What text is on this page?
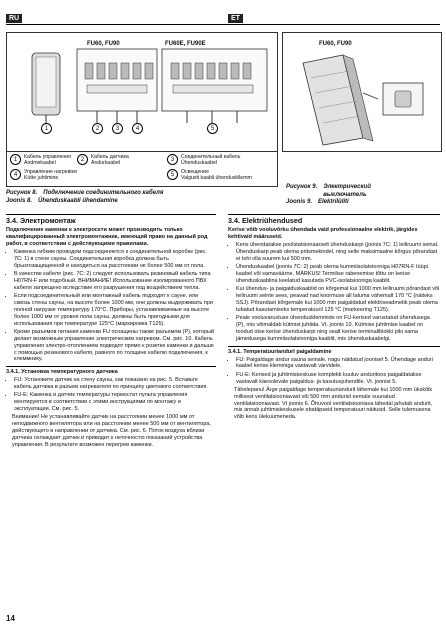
RU	ET
FU60, FU90	FU60E, FU90E
1	2	3	4	5
1	Кабель управления
Andmekaabel
2	Кабель датчика
Andurkaabel
3	Соединительный кабель
Ühenduskaabel
4	Управление нагревом
Kütte juhtimine
5	Освещение
Valgusti kaabli ühenduskllemm
FU60, FU90
Рисунок 8. Подключение соединительного кабеля
Joonis 8. Ühenduskaabli ühendamine
Рисунок 9. Электрический выключатель
Joonis 9. Elektrilüliti
3.4. Электромонтаж

Подключение каменки к электросети может производить только квалифицированный электромонтажник, имеющий право на данный род работ, в соответствии с действующими правилами.

• Каменка гибким проводом подсоединяется к соединительной коробке (рис. 7С: 1) в стене сауны. Соединительная коробка должна быть брызгозащищенной и находиться на расстоянии не более 500 мм от пола.
• В качестве кабеля (рис. 7С: 2) следует использовать резиновый кабель типа H07RN-F или подобный. ВНИМАНИЕ! Использование изолированного ПВХ кабеля запрещено вследствие его разрушения под воздействием тепла.
• Если подсоединительный или монтажный кабель подходят к сауне, или сквозь стены сауны, на высоте более 1000 мм, они должны выдерживать при полной нагрузке температуру 170°C. Приборы, устанавливаемые на высоте более 1000 мм от уровня пола сауны, должны быть пригодными для использования при температуре 125°C (маркировка T125).
• Кроме разъемов питания каменки FU оснащены также разъемом (P), который делает возможным управление электрическим нагревом. См. рис. 10. Кабель управления электро-отоплением подводят прямо к розетке каменки и дальше с помощью резинового кабеля, равного по толщине кабелю подключения, к клеммнику.
3.4.1. Установка температурного датчика
• FU: Установите датчик на стену сауны, как показано на рис. 5. Вставьте кабель датчика в разъем нагревателя по принципу цветового соответствия.
• FU-E: Каменка и датчик температуры термостат пульта управления монтируются в соответствии с этими инструкциями по монтажу и эксплуатации. См. рис. 5.

Внимание! Не устанавливайте датчик на расстоянии менее 1000 мм от неподвижного вентилятора или на расстоянии менее 500 мм от вентилятора, действующего в направлении от датчика. См. рис. 6. Поток воздуха вблизи датчика охлаждает датчик и приводит к неточностю показаний устройства управления. В результате возможен перегрев каменки.

3.4. Elektriühendused

Kerise võib vooluvõrku ühendada vaid professionaalne elektrik, järgides kehtivaid määruseid.

• Keris ühendatakse poolstatsionaarselt ühenduskarpi (joonis 7C: 1) leiliruumi seinal. Ühenduskarp peab olema pritsmekindel, ning selle maksimaalne kõrgus põrandast ei tohi olla suurem kui 500 mm.
• Ühenduskaabel (joonis 7C: 2) peab olema kummiisolatsiooniga H07RN-F tüüpi kaabel või samaväärne. MÄRKUS! Termilise rabenemise tõttu on kerise ühenduskaablina keelatud kasutada PVC-isolatsiooniga kaablit.
• Kui ühendus- ja paigalduskaablid on kõrgemal kui 1000 mm leiliruumi põrandast või leiliruumi seinte sees, peavad nad koormuse all taluma vähemalt 170 °C (näiteks SSJ). Põrandast kõrgemale kui 1000 mm paigaldatud elektriseadmetik peab olema tubatud kasutamiseks temperatuuril 125 °C (markeering T125).
• Peale vooluvarustuse ühendusklemmide on FU-kerised varustatud ühendusega (P), mis võimaldab kütmist juhtida. Vt. joonis 10. Kütmise juhtimise kaabel on toodud otse kerise ühenduskarpi ning sealt kerise terminaliblokki piki sama jämedusega kummiisolatsiooniga kaablit, mis ühenduskaabelgi.
3.4.1. Temperatuuriandurl paigaldamine
• FU: Paigaldage andur sauna seinale, nagu näidatud joonisel 5. Ühendage anduri kaabel kerise klemmiga vastavalt värvidele.
• FU-E: Kerised ja juhtimiskeskuse komplekti kuuluv anduritoos paigaldatakse vastavalt käesolevale paigaldus- ja kasutusjuhendile. Vt. joonist 5.

Tähelepanu! Ärge paigaldage temperatuuriandurit lähemale kui 1000 mm ükskõik millisest ventilatsiooniavast või 500 mm andurist eemale suunatud ventilatsiooniavast. Vt joonis 6. Õhuvool ventilatsiooniava lähedal jahutab andurit, mis annab juhtimiskeskusele ebatäpseid temperatuuri näitusid. Selle tulemusena võib keris ülekuumeneda.

14
